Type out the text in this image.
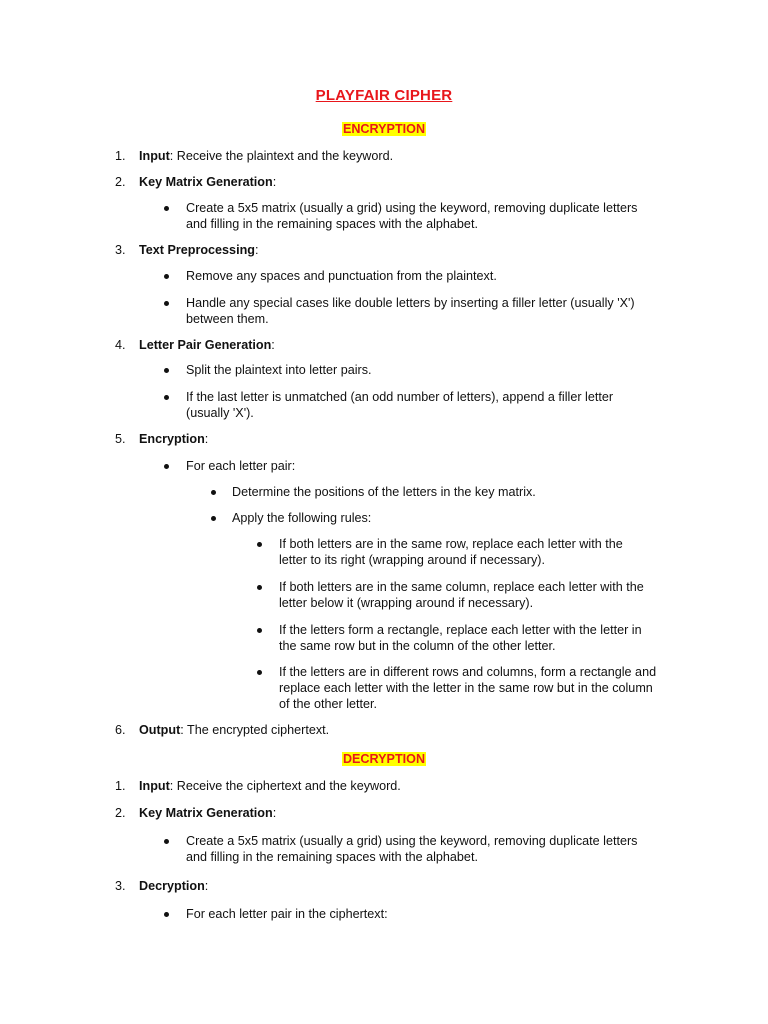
PLAYFAIR CIPHER
ENCRYPTION
1. Input: Receive the plaintext and the keyword.
2. Key Matrix Generation:
Create a 5x5 matrix (usually a grid) using the keyword, removing duplicate letters
and filling in the remaining spaces with the alphabet.
3. Text Preprocessing:
Remove any spaces and punctuation from the plaintext.
Handle any special cases like double letters by inserting a filler letter (usually 'X')
between them.
4. Letter Pair Generation:
Split the plaintext into letter pairs.
If the last letter is unmatched (an odd number of letters), append a filler letter
(usually 'X').
5. Encryption:
For each letter pair:
Determine the positions of the letters in the key matrix.
Apply the following rules:
If both letters are in the same row, replace each letter with the
letter to its right (wrapping around if necessary).
If both letters are in the same column, replace each letter with the
letter below it (wrapping around if necessary).
If the letters form a rectangle, replace each letter with the letter in
the same row but in the column of the other letter.
If the letters are in different rows and columns, form a rectangle and
replace each letter with the letter in the same row but in the column
of the other letter.
6. Output: The encrypted ciphertext.
DECRYPTION
1. Input: Receive the ciphertext and the keyword.
2. Key Matrix Generation:
Create a 5x5 matrix (usually a grid) using the keyword, removing duplicate letters
and filling in the remaining spaces with the alphabet.
3. Decryption:
For each letter pair in the ciphertext:
